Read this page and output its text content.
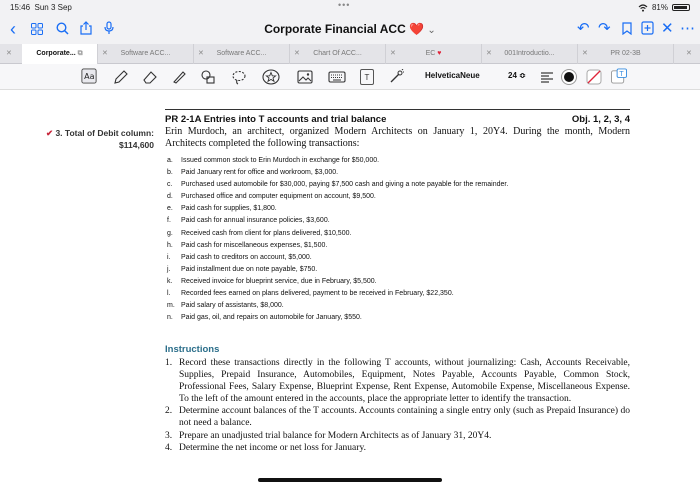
15:46 Sun 3 Sep	•••	81%
‹	Corporate Financial ACC ❤️ ⌄	↶ ↷	✕ ⋯
✕	Corporate... ⧉	✕ Software ACC...	✕ Software ACC...	✕ Chart Of ACC...	✕	EC ♥	✕ 001Introductio...	✕	PR 02-3B	✕
Aa	T	HelveticaNeue	24 ≎	T
PR 2-1A Entries into T accounts and trial balance	Obj. 1, 2, 3, 4
✔ 3. Total of Debit column:
$114,600
Erin Murdoch, an architect, organized Modern Architects on January 1, 20Y4. During the month, Modern Architects completed the following transactions:
a.	Issued common stock to Erin Murdoch in exchange for $50,000.
b.	Paid January rent for office and workroom, $3,000.
c.	Purchased used automobile for $30,000, paying $7,500 cash and giving a note payable for the remainder.
d.	Purchased office and computer equipment on account, $9,500.
e.	Paid cash for supplies, $1,800.
f.	Paid cash for annual insurance policies, $3,600.
g.	Received cash from client for plans delivered, $10,500.
h.	Paid cash for miscellaneous expenses, $1,500.
i.	Paid cash to creditors on account, $5,000.
j.	Paid installment due on note payable, $750.
k.	Received invoice for blueprint service, due in February, $5,500.
l.	Recorded fees earned on plans delivered, payment to be received in February, $22,350.
m. Paid salary of assistants, $8,000.
n.	Paid gas, oil, and repairs on automobile for January, $550.
Instructions
1. Record these transactions directly in the following T accounts, without journalizing: Cash, Accounts Receivable, Supplies, Prepaid Insurance, Automobiles, Equipment, Notes Payable, Accounts Payable, Common Stock, Professional Fees, Salary Expense, Blueprint Expense, Rent Expense, Automobile Expense, Miscellaneous Expense. To the left of the amount entered in the accounts, place the appropriate letter to identify the transaction.
2. Determine account balances of the T accounts. Accounts containing a single entry only (such as Prepaid Insurance) do not need a balance.
3. Prepare an unadjusted trial balance for Modern Architects as of January 31, 20Y4.
4. Determine the net income or net loss for January.
